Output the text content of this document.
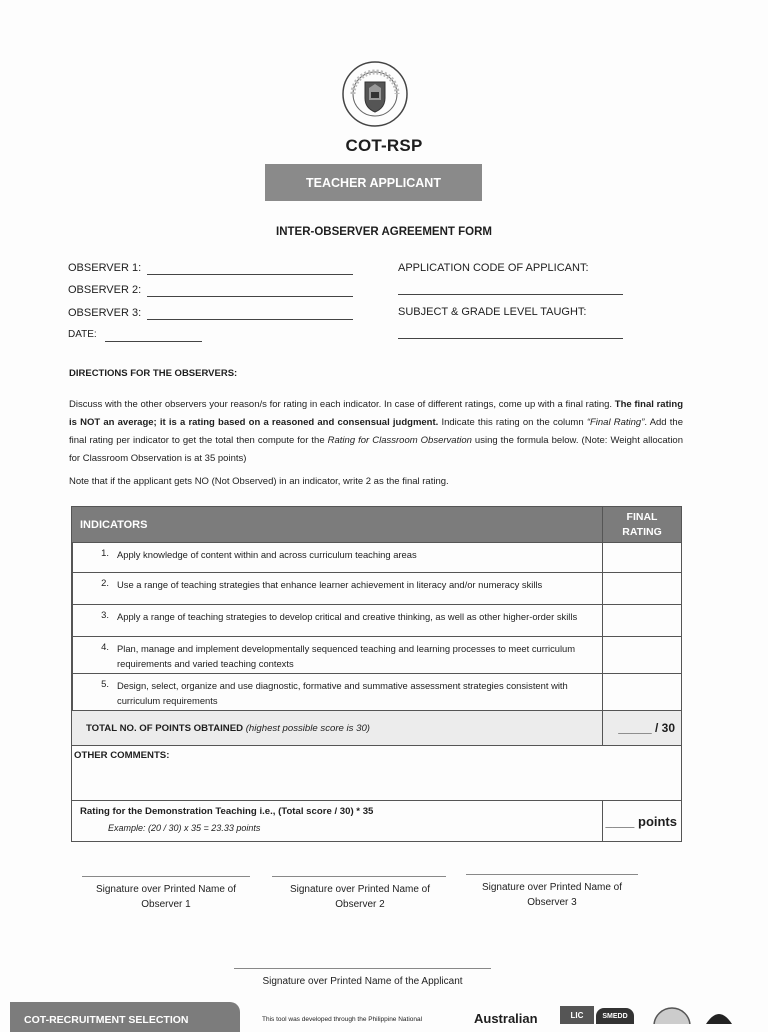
COT-RSP
TEACHER APPLICANT
INTER-OBSERVER AGREEMENT FORM
OBSERVER 1:
OBSERVER 2:
OBSERVER 3:
DATE:
APPLICATION CODE OF APPLICANT:
SUBJECT & GRADE LEVEL TAUGHT:
DIRECTIONS FOR THE OBSERVERS:
Discuss with the other observers your reason/s for rating in each indicator. In case of different ratings, come up with a final rating. The final rating is NOT an average; it is a rating based on a reasoned and consensual judgment. Indicate this rating on the column “Final Rating”. Add the final rating per indicator to get the total then compute for the Rating for Classroom Observation using the formula below. (Note: Weight allocation for Classroom Observation is at 35 points)
Note that if the applicant gets NO (Not Observed) in an indicator, write 2 as the final rating.
INDICATORS		FINAL
RATING
	1.	Apply knowledge of content within and across curriculum teaching areas	
	2.	Use a range of teaching strategies that enhance learner achievement in literacy and/or numeracy skills	
	3.	Apply a range of teaching strategies to develop critical and creative thinking, as well as other higher-order skills	
	4.	Plan, manage and implement developmentally sequenced teaching and learning processes to meet curriculum requirements and varied teaching contexts	
	5.	Design, select, organize and use diagnostic, formative and summative assessment strategies consistent with curriculum requirements	
TOTAL NO. OF POINTS OBTAINED (highest possible score is 30)		_____ / 30
OTHER COMMENTS:		
Rating for the Demonstration Teaching i.e., (Total score / 30) * 35
Example: (20 / 30) x 35 = 23.33 points		____ points
Signature over Printed Name of Observer 1
Signature over Printed Name of Observer 2
Signature over Printed Name of Observer 3
Signature over Printed Name of the Applicant
COT-RECRUITMENT SELECTION	This tool was developed through the Philippine National	Australian	LIC	SMEDD
